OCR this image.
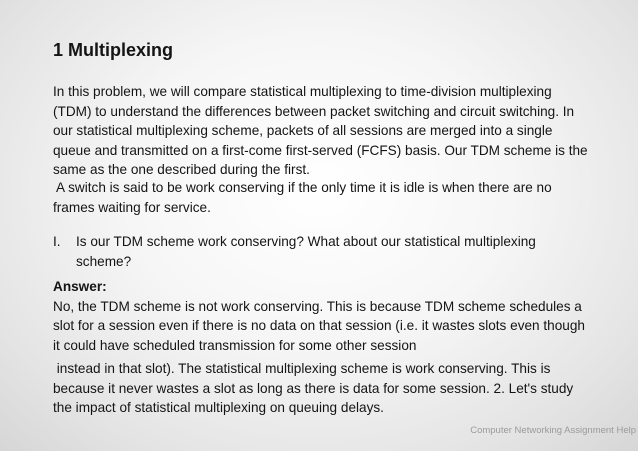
1 Multiplexing
In this problem, we will compare statistical multiplexing to time-division multiplexing
(TDM) to understand the differences between packet switching and circuit switching. In
our statistical multiplexing scheme, packets of all sessions are merged into a single
queue and transmitted on a first-come first-served (FCFS) basis. Our TDM scheme is the
same as the one described during the first.
A switch is said to be work conserving if the only time it is idle is when there are no
frames waiting for service.
I. Is our TDM scheme work conserving? What about our statistical multiplexing
scheme?
Answer:
No, the TDM scheme is not work conserving. This is because TDM scheme schedules a
slot for a session even if there is no data on that session (i.e. it wastes slots even though
it could have scheduled transmission for some other session
instead in that slot). The statistical multiplexing scheme is work conserving. This is
because it never wastes a slot as long as there is data for some session. 2. Let's study
the impact of statistical multiplexing on queuing delays.
Computer Networking Assignment Help
